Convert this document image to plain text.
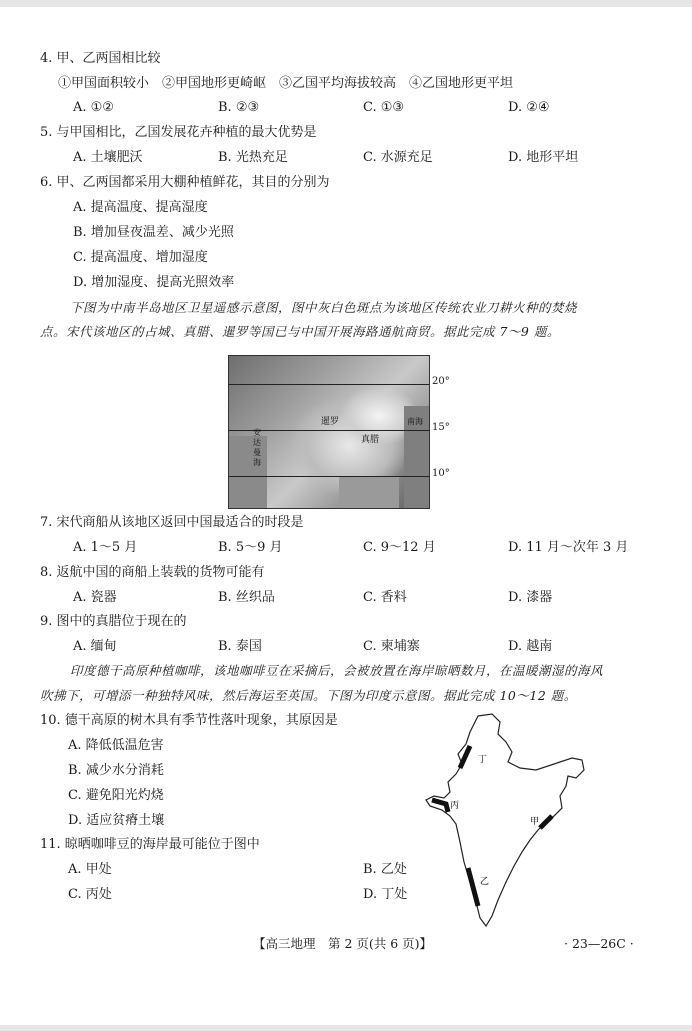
4. 甲、乙两国相比较
①甲国面积较小　②甲国地形更崎岖　③乙国平均海拔较高　④乙国地形更平坦
A. ①②	B. ②③	C. ①③	D. ②④
5. 与甲国相比，乙国发展花卉种植的最大优势是
A. 土壤肥沃	B. 光热充足	C. 水源充足	D. 地形平坦
6. 甲、乙两国都采用大棚种植鲜花，其目的分别为
A. 提高温度、提高湿度
B. 增加昼夜温差、减少光照
C. 提高温度、增加湿度
D. 增加湿度、提高光照效率
下图为中南半岛地区卫星遥感示意图，图中灰白色斑点为该地区传统农业刀耕火种的焚烧
点。宋代该地区的占城、真腊、暹罗等国已与中国开展海路通航商贸。据此完成 7～9 题。
暹罗
真腊
安达曼海
南海
20°
15°
10°
7. 宋代商船从该地区返回中国最适合的时段是
A. 1～5 月	B. 5～9 月	C. 9～12 月	D. 11 月～次年 3 月
8. 返航中国的商船上装载的货物可能有
A. 瓷器	B. 丝织品	C. 香料	D. 漆器
9. 图中的真腊位于现在的
A. 缅甸	B. 泰国	C. 柬埔寨	D. 越南
印度德干高原种植咖啡，该地咖啡豆在采摘后，会被放置在海岸晾晒数月，在温暖潮湿的海风
吹拂下，可增添一种独特风味，然后海运至英国。下图为印度示意图。据此完成 10～12 题。
10. 德干高原的树木具有季节性落叶现象，其原因是
A. 降低低温危害
B. 减少水分消耗
C. 避免阳光灼烧
D. 适应贫瘠土壤
11. 晾晒咖啡豆的海岸最可能位于图中
A. 甲处	B. 乙处
C. 丙处	D. 丁处
丁
丙
甲
乙
【高三地理　第 2 页(共 6 页)】	· 23—26C ·
